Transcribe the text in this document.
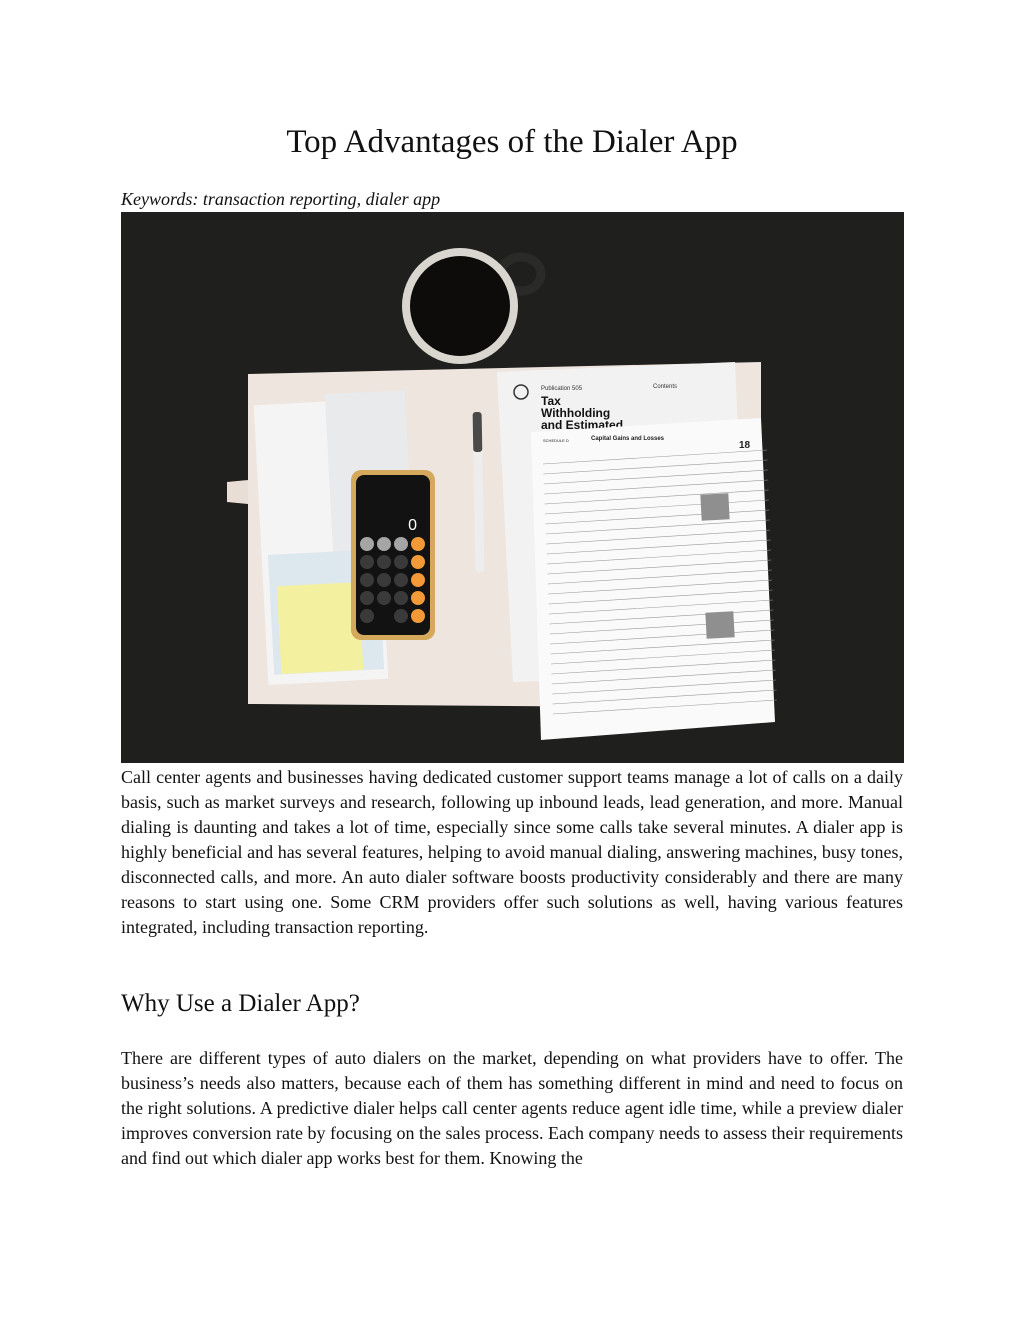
Top Advantages of the Dialer App

Keywords: transaction reporting, dialer app

0
Publication 505	Contents
Tax
Withholding
and Estimated
Capital Gains and Losses
SCHEDULE D	18

Call center agents and businesses having dedicated customer support teams manage a lot of calls on a daily basis, such as market surveys and research, following up inbound leads, lead generation, and more. Manual dialing is daunting and takes a lot of time, especially since some calls take several minutes. A dialer app is highly beneficial and has several features, helping to avoid manual dialing, answering machines, busy tones, disconnected calls, and more. An auto dialer software boosts productivity considerably and there are many reasons to start using one. Some CRM providers offer such solutions as well, having various features integrated, including transaction reporting.

Why Use a Dialer App?

There are different types of auto dialers on the market, depending on what providers have to offer. The business’s needs also matters, because each of them has something different in mind and need to focus on the right solutions. A predictive dialer helps call center agents reduce agent idle time, while a preview dialer improves conversion rate by focusing on the sales process. Each company needs to assess their requirements and find out which dialer app works best for them. Knowing the
